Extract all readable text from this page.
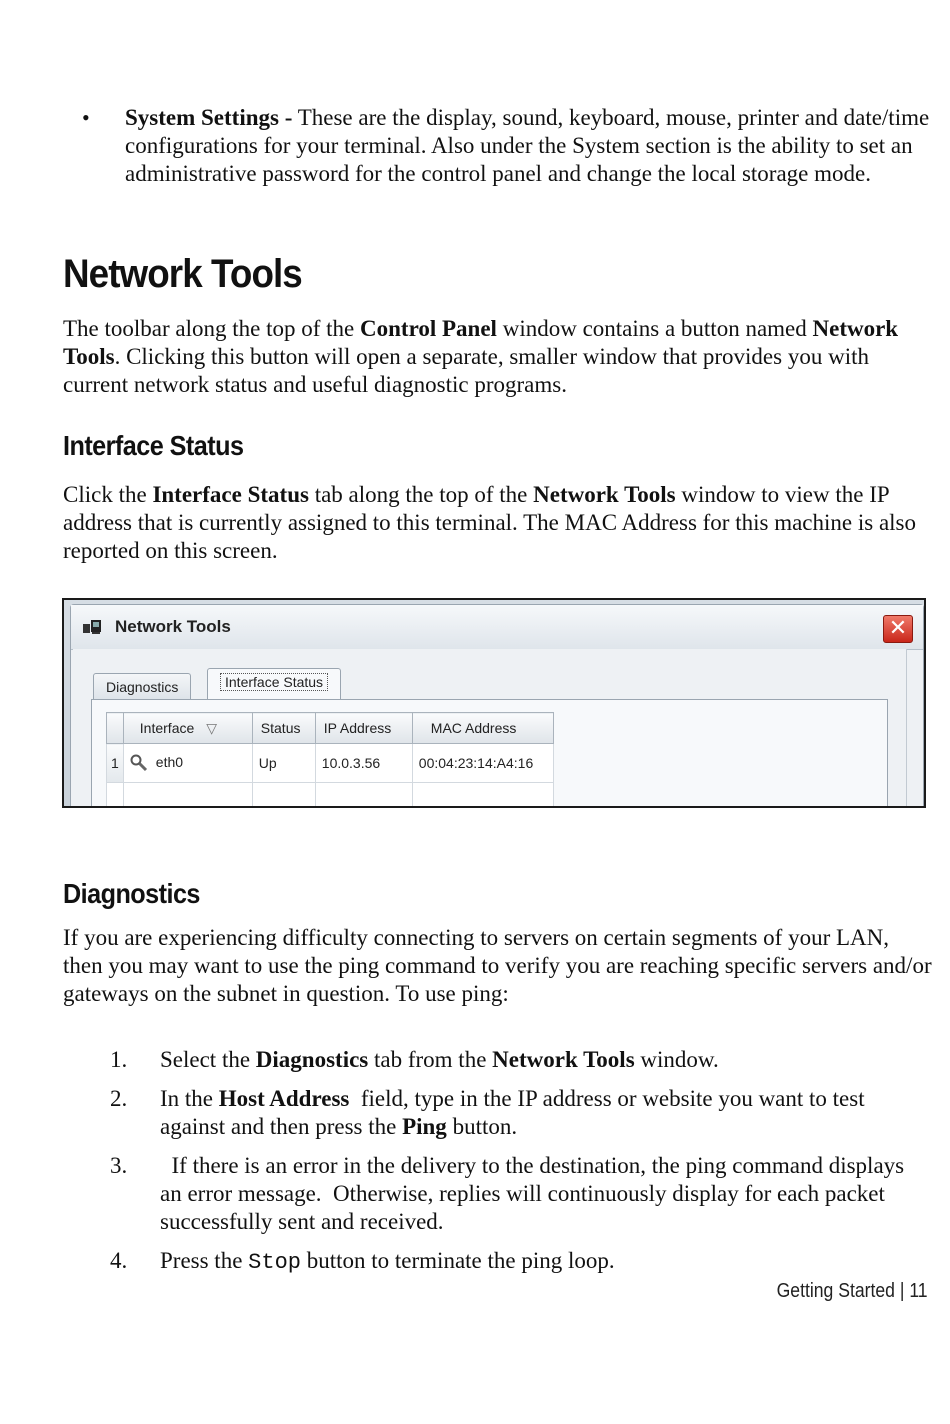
•	System Settings - These are the display, sound, keyboard, mouse, printer and date/time configurations for your terminal. Also under the System section is the ability to set an administrative password for the control panel and change the local storage mode.
Network Tools

The toolbar along the top of the Control Panel window contains a button named Network Tools. Clicking this button will open a separate, smaller window that provides you with current network status and useful diagnostic programs.

Interface Status

Click the Interface Status tab along the top of the Network Tools window to view the IP address that is currently assigned to this terminal. The MAC Address for this machine is also reported on this screen.

Network Tools	✕
Diagnostics	Interface Status
	Interface ▽	Status	IP Address	MAC Address
1	eth0	Up	10.0.3.56	00:04:23:14:A4:16

Diagnostics

If you are experiencing difficulty connecting to servers on certain segments of your LAN, then you may want to use the ping command to verify you are reaching specific servers and/or gateways on the subnet in question. To use ping:

1.	Select the Diagnostics tab from the Network Tools window.
2.	In the Host Address  field, type in the IP address or website you want to test against and then press the Ping button.
3.	If there is an error in the delivery to the destination, the ping command displays an error message.  Otherwise, replies will continuously display for each packet successfully sent and received.
4.	Press the Stop button to terminate the ping loop.
Getting Started | 11
